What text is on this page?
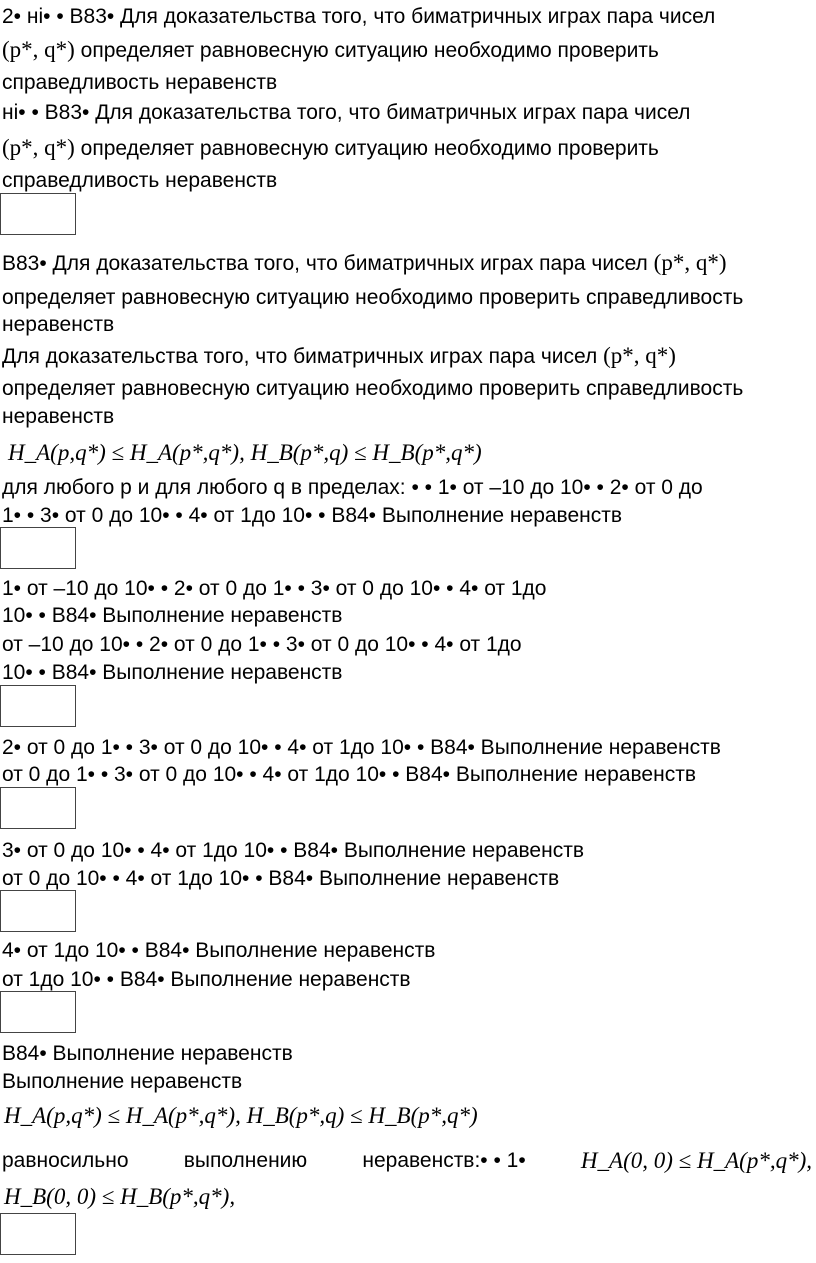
2• ні• • B83• Для доказательства того, что биматричных играх пара чисел
(p*, q*) определяет равновесную ситуацию необходимо проверить
справедливость неравенств
ні• • B83• Для доказательства того, что биматричных играх пара чисел
(p*, q*) определяет равновесную ситуацию необходимо проверить
справедливость неравенств
B83• Для доказательства того, что биматричных играх пара чисел (p*, q*)
определяет равновесную ситуацию необходимо проверить справедливость
неравенств
Для доказательства того, что биматричных играх пара чисел (p*, q*)
определяет равновесную ситуацию необходимо проверить справедливость
неравенств
H_A(p,q*) ≤ H_A(p*,q*), H_B(p*,q) ≤ H_B(p*,q*)
для любого p и для любого q в пределах: • • 1• от –10 до 10• • 2• от 0 до
1• • 3• от 0 до 10• • 4• от 1до 10• • B84• Выполнение неравенств
1• от –10 до 10• • 2• от 0 до 1• • 3• от 0 до 10• • 4• от 1до
10• • B84• Выполнение неравенств
от –10 до 10• • 2• от 0 до 1• • 3• от 0 до 10• • 4• от 1до
10• • B84• Выполнение неравенств
2• от 0 до 1• • 3• от 0 до 10• • 4• от 1до 10• • B84• Выполнение неравенств
от 0 до 1• • 3• от 0 до 10• • 4• от 1до 10• • B84• Выполнение неравенств
3• от 0 до 10• • 4• от 1до 10• • B84• Выполнение неравенств
от 0 до 10• • 4• от 1до 10• • B84• Выполнение неравенств
4• от 1до 10• • B84• Выполнение неравенств
от 1до 10• • B84• Выполнение неравенств
B84• Выполнение неравенств
Выполнение неравенств
H_A(p,q*) ≤ H_A(p*,q*), H_B(p*,q) ≤ H_B(p*,q*)
равносильно	выполнению	неравенств:• • 1• H_A(0, 0) ≤ H_A(p*,q*),
H_B(0, 0) ≤ H_B(p*,q*),
